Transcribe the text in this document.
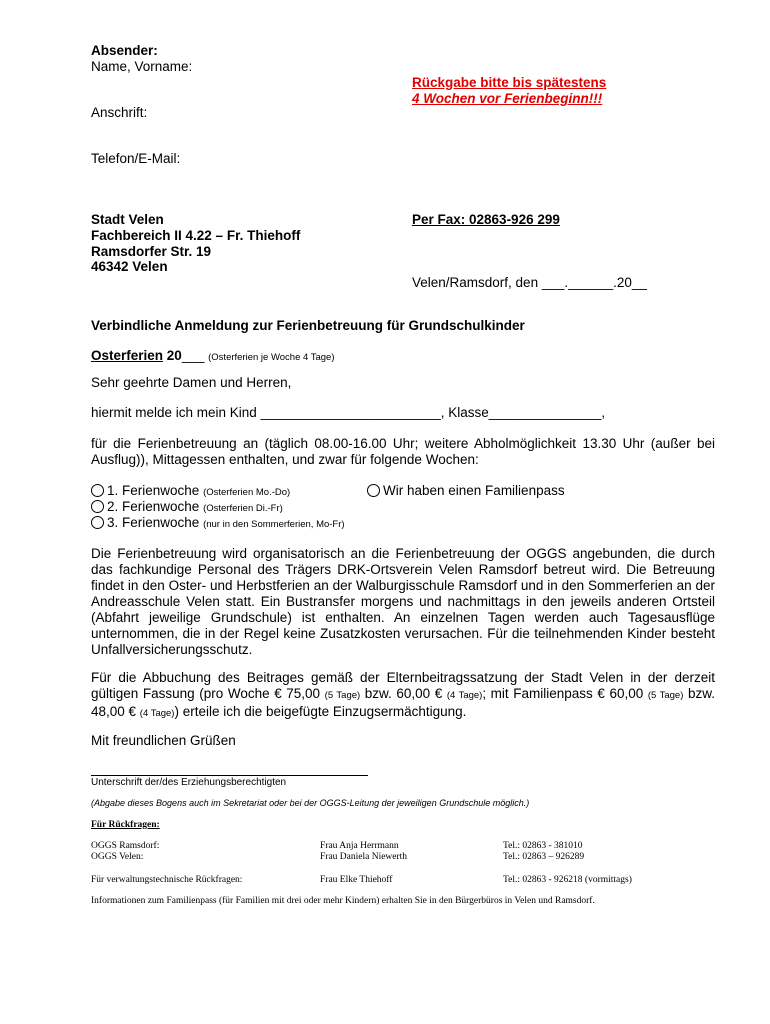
Absender:
Name, Vorname:
Anschrift:
Telefon/E-Mail:
Rückgabe bitte bis spätestens
4 Wochen vor Ferienbeginn!!!
Stadt Velen
Fachbereich II 4.22 – Fr. Thiehoff
Ramsdorfer Str. 19
46342 Velen
Per Fax: 02863-926 299
Velen/Ramsdorf, den ___.______.20__
Verbindliche Anmeldung zur Ferienbetreuung für Grundschulkinder
Osterferien 20___ (Osterferien je Woche 4 Tage)
Sehr geehrte Damen und Herren,
hiermit melde ich mein Kind ________________________, Klasse_______________,
für die Ferienbetreuung an (täglich 08.00-16.00 Uhr; weitere Abholmöglichkeit 13.30 Uhr (außer bei Ausflug)), Mittagessen enthalten, und zwar für folgende Wochen:
1. Ferienwoche (Osterferien Mo.-Do)
2. Ferienwoche (Osterferien Di.-Fr)
3. Ferienwoche (nur in den Sommerferien, Mo-Fr)
Wir haben einen Familienpass
Die Ferienbetreuung wird organisatorisch an die Ferienbetreuung der OGGS angebunden, die durch das fachkundige Personal des Trägers DRK-Ortsverein Velen Ramsdorf betreut wird. Die Betreuung findet in den Oster- und Herbstferien an der Walburgisschule Ramsdorf und in den Sommerferien an der Andreasschule Velen statt. Ein Bustransfer morgens und nachmittags in den jeweils anderen Ortsteil (Abfahrt jeweilige Grundschule) ist enthalten. An einzelnen Tagen werden auch Tagesausflüge unternommen, die in der Regel keine Zusatzkosten verursachen. Für die teilnehmenden Kinder besteht Unfallversicherungsschutz.
Für die Abbuchung des Beitrages gemäß der Elternbeitragssatzung der Stadt Velen in der derzeit gültigen Fassung (pro Woche € 75,00 (5 Tage) bzw. 60,00 € (4 Tage); mit Familienpass € 60,00 (5 Tage) bzw. 48,00 € (4 Tage)) erteile ich die beigefügte Einzugsermächtigung.
Mit freundlichen Grüßen
Unterschrift der/des Erziehungsberechtigten
(Abgabe dieses Bogens auch im Sekretariat oder bei der OGGS-Leitung der jeweiligen Grundschule möglich.)
Für Rückfragen:
OGGS Ramsdorf:	Frau Anja Herrmann	Tel.: 02863 - 381010
OGGS Velen:	Frau Daniela Niewerth	Tel.: 02863 – 926289
Für verwaltungstechnische Rückfragen:	Frau Elke Thiehoff	Tel.: 02863 - 926218 (vormittags)
Informationen zum Familienpass (für Familien mit drei oder mehr Kindern) erhalten Sie in den Bürgerbüros in Velen und Ramsdorf.
